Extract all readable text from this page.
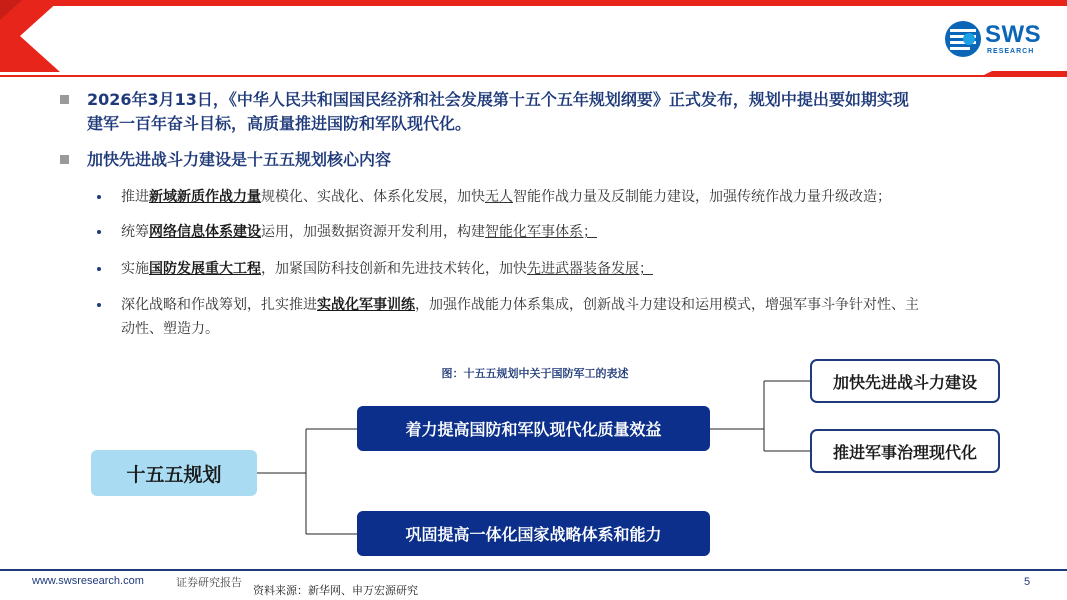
SWS
RESEARCH
2026年3月13日，《中华人民共和国国民经济和社会发展第十五个五年规划纲要》正式发布，规划中提出要如期实现
建军一百年奋斗目标，高质量推进国防和军队现代化。
加快先进战斗力建设是十五五规划核心内容
推进新域新质作战力量规模化、实战化、体系化发展，加快无人智能作战力量及反制能力建设，加强传统作战力量升级改造；
统筹网络信息体系建设运用，加强数据资源开发利用，构建智能化军事体系；
实施国防发展重大工程，加紧国防科技创新和先进技术转化，加快先进武器装备发展；
深化战略和作战筹划，扎实推进实战化军事训练，加强作战能力体系集成，创新战斗力建设和运用模式，增强军事斗争针对性、主
动性、塑造力。
图：十五五规划中关于国防军工的表述
十五五规划
着力提高国防和军队现代化质量效益
巩固提高一体化国家战略体系和能力
加快先进战斗力建设
推进军事治理现代化
www.swsresearch.com	证券研究报告
资料来源：新华网、申万宏源研究
5
